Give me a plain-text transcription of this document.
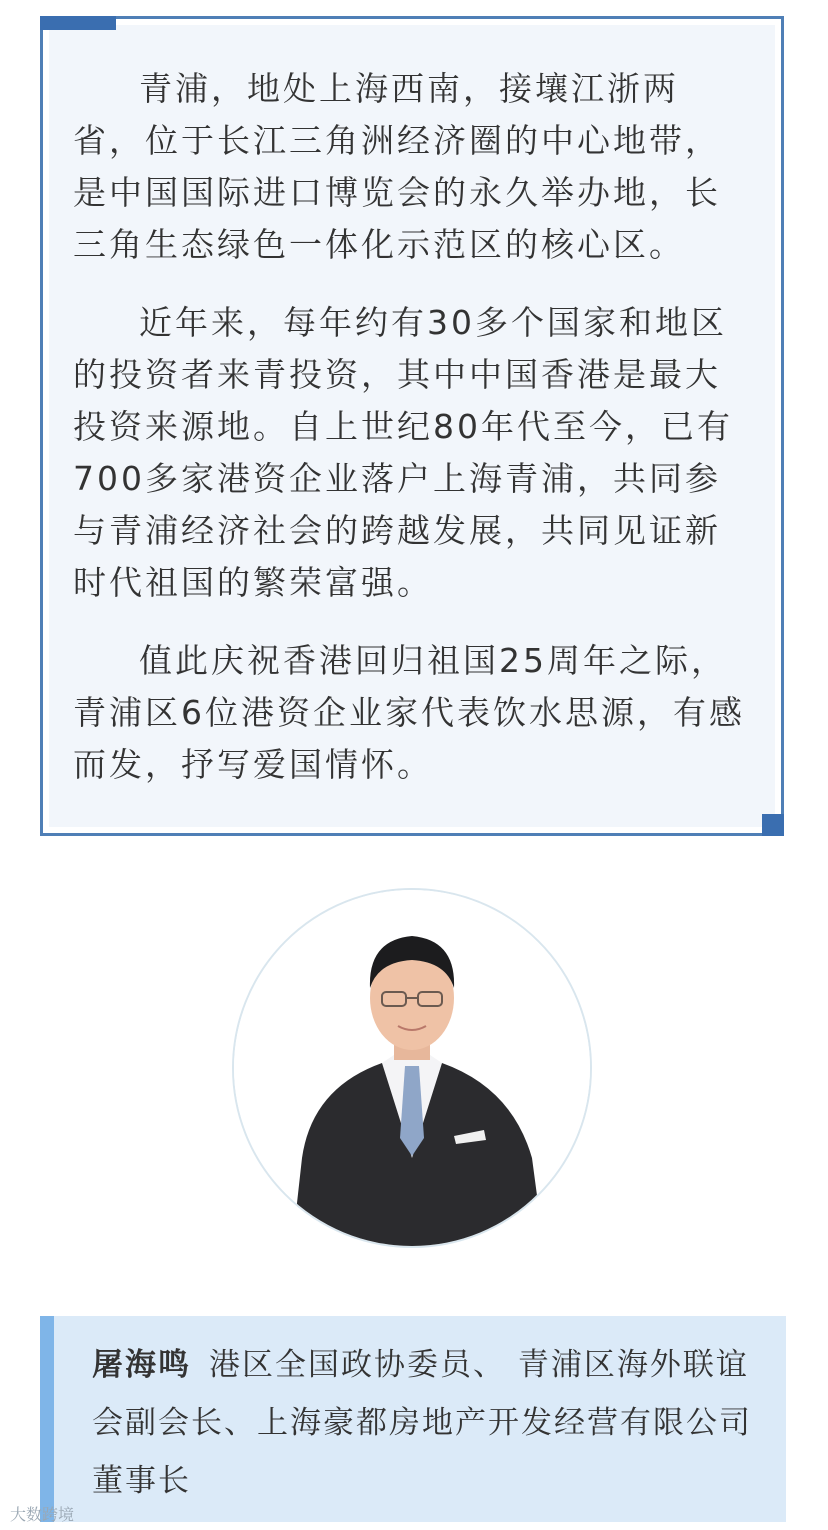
青浦，地处上海西南，接壤江浙两省，位于长江三角洲经济圈的中心地带，是中国国际进口博览会的永久举办地，长三角生态绿色一体化示范区的核心区。

近年来，每年约有30多个国家和地区的投资者来青投资，其中中国香港是最大投资来源地。自上世纪80年代至今，已有700多家港资企业落户上海青浦，共同参与青浦经济社会的跨越发展，共同见证新时代祖国的繁荣富强。

值此庆祝香港回归祖国25周年之际，青浦区6位港资企业家代表饮水思源，有感而发，抒写爱国情怀。

屠海鸣 港区全国政协委员、 青浦区海外联谊会副会长、上海豪都房地产开发经营有限公司董事长
大数跨境
